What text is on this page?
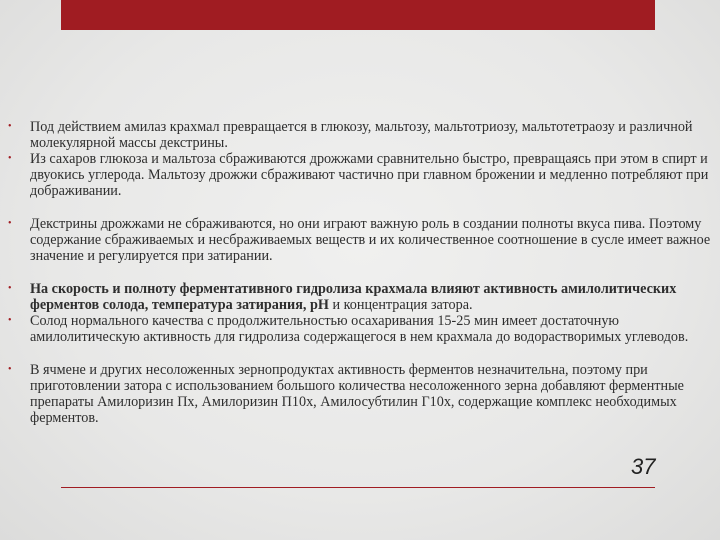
•	Под действием амилаз крахмал превращается в глюкозу, мальтозу, мальтотриозу, мальтотетраозу и различной молекулярной массы декстрины.
•	Из сахаров глюкоза и мальтоза сбраживаются дрожжами сравнительно быстро, превращаясь при этом в спирт и двуокись углерода. Мальтозу дрожжи сбраживают частично при главном брожении и медленно потребляют при дображивании.
•	Декстрины дрожжами не сбраживаются, но они играют важную роль в создании полноты вкуса пива. Поэтому содержание сбраживаемых и несбраживаемых веществ и их количественное соотношение в сусле имеет важное значение и регулируется при затирании.
•	На скорость и полноту ферментативного гидролиза крахмала влияют активность амилолитических ферментов солода, температура затирания, рН и концентрация затора.
•	Солод нормального качества с продолжительностью осахаривания 15-25 мин имеет достаточную амилолитическую активность для гидролиза содержащегося в нем крахмала до водорастворимых углеводов.
•	В ячмене и других несоложенных зернопродуктах активность ферментов незначительна, поэтому при приготовлении затора с использованием большого количества несоложенного зерна добавляют ферментные препараты Амилоризин Пх, Амилоризин П10х, Амилосубтилин Г10х, содержащие комплекс необходимых ферментов.
37
